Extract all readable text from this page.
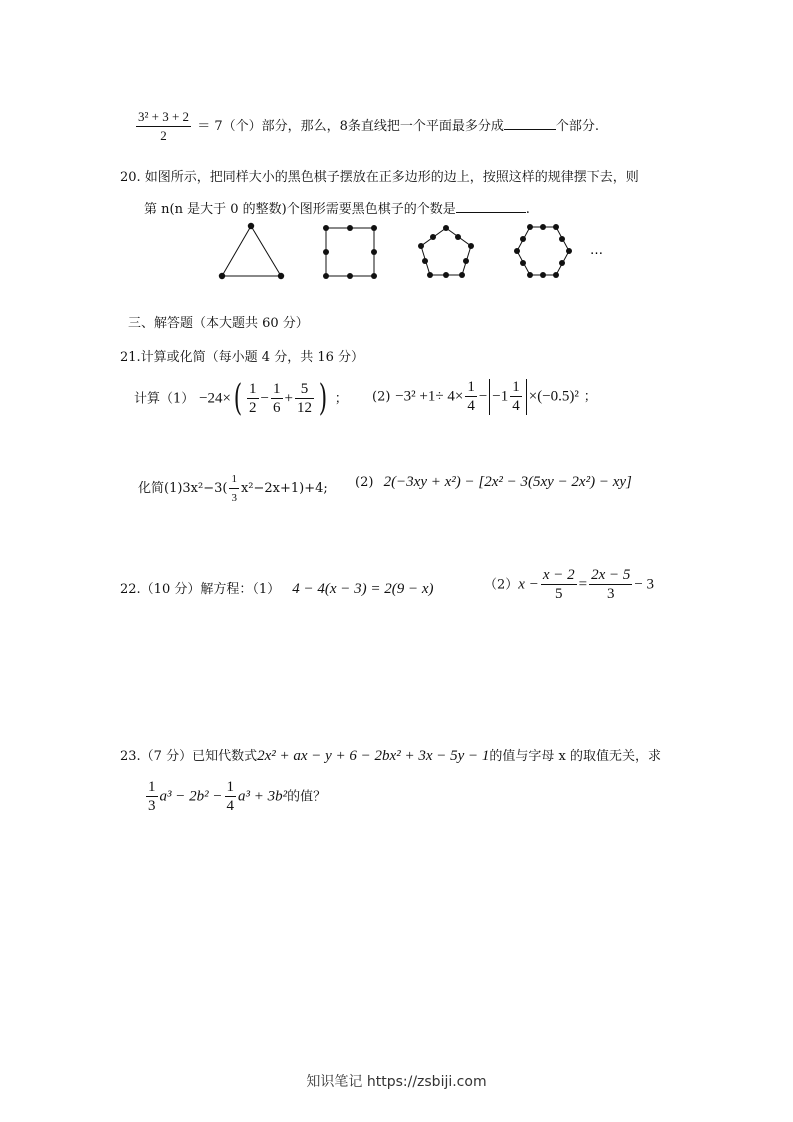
$\frac{\text{3² + 3 + 2}}{2} = 7$（个）部分，那么，8条直线把一个平面最多分成	个部分.
20. 如图所示，把同样大小的黑色棋子摆放在正多边形的边上，按照这样的规律摆下去，则
第 n(n 是大于 0 的整数)个图形需要黑色棋子的个数是	.
…
三、解答题（本大题共 60 分）
21.计算或化简（每小题 4 分，共 16 分）
计算$(1) -24\times( \frac{1}{2} - \frac{1}{6} + \frac{5}{12}$ ) ； $(2) -3^2 +1\div 4\times \frac{1}{4} - -1 \frac{1}{4} \times(-0.5)^2$ ；
化简$(1)3x^2-3( \frac{1}{3} x^2-2x+1)+4$; (2) 2(−3xy + x²) − [2x² − 3(5xy − 2x²) − xy]
22.（10 分）解方程：（1） 4 − 4(x − 3) = 2(9 − x)	$(2)x - \frac{x - 2}{5} = \frac{2x - 5}{3} - 3$
23.（7 分）已知代数式2x² + ax − y + 6 − 2bx² + 3x − 5y − 1的值与字母 x 的取值无关，求
$\frac{1}{3} a^3 - 2b^2 - \frac{1}{4} a^3 + 3b^2$的值？
知识笔记 https://zsbiji.com
